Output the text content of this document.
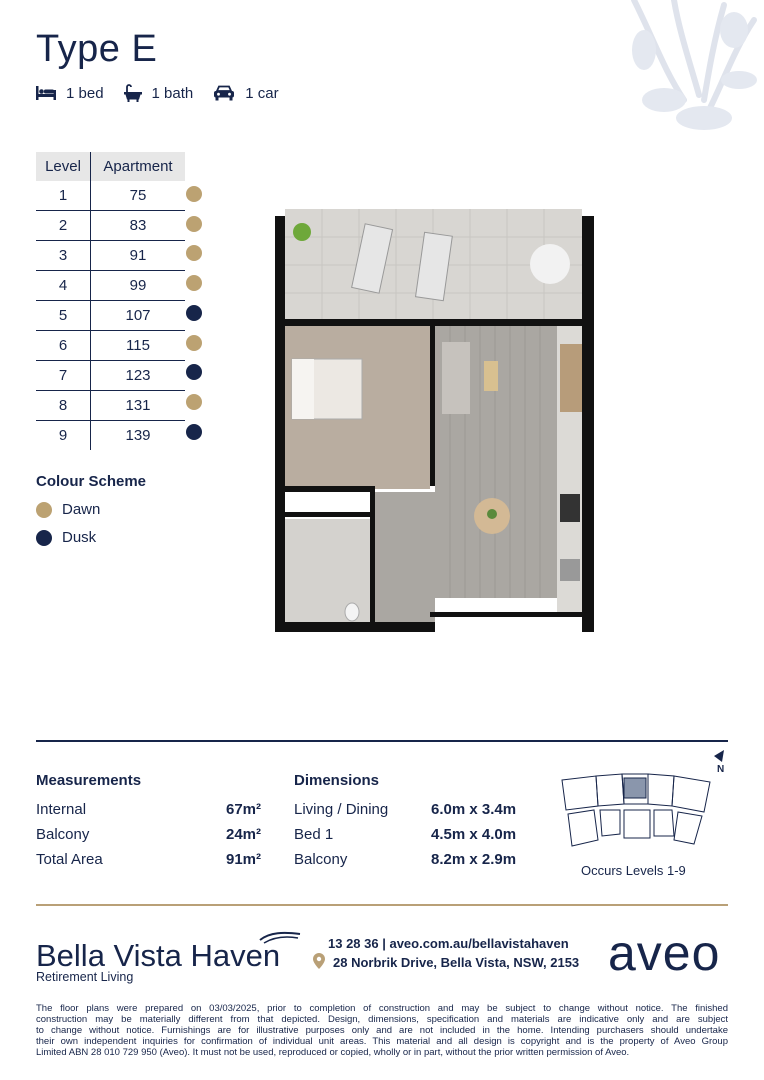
Type E
1 bed	1 bath	1 car
Level	Apartment
1	75
2	83
3	91
4	99
5	107
6	115
7	123
8	131
9	139
Colour Scheme
Dawn
Dusk
Measurements
Internal	67m²
Balcony	24m²
Total Area	91m²
Dimensions
Living / Dining	6.0m x 3.4m
Bed 1	4.5m x 4.0m
Balcony	8.2m x 2.9m
N
Occurs Levels 1-9
Bella Vista Haven
Retirement Living
13 28 36 | aveo.com.au/bellavistahaven
28 Norbrik Drive, Bella Vista, NSW, 2153 aveo
The floor plans were prepared on 03/03/2025, prior to completion of construction and may be subject to change without notice. The finished
construction may be materially different from that depicted. Design, dimensions, specification and materials are indicative only and are subject
to change without notice. Furnishings are for illustrative purposes only and are not included in the home. Intending purchasers should undertake
their own independent inquiries for confirmation of individual unit areas. This material and all design is copyright and is the property of Aveo Group
Limited ABN 28 010 729 950 (Aveo). It must not be used, reproduced or copied, wholly or in part, without the prior written permission of Aveo.
